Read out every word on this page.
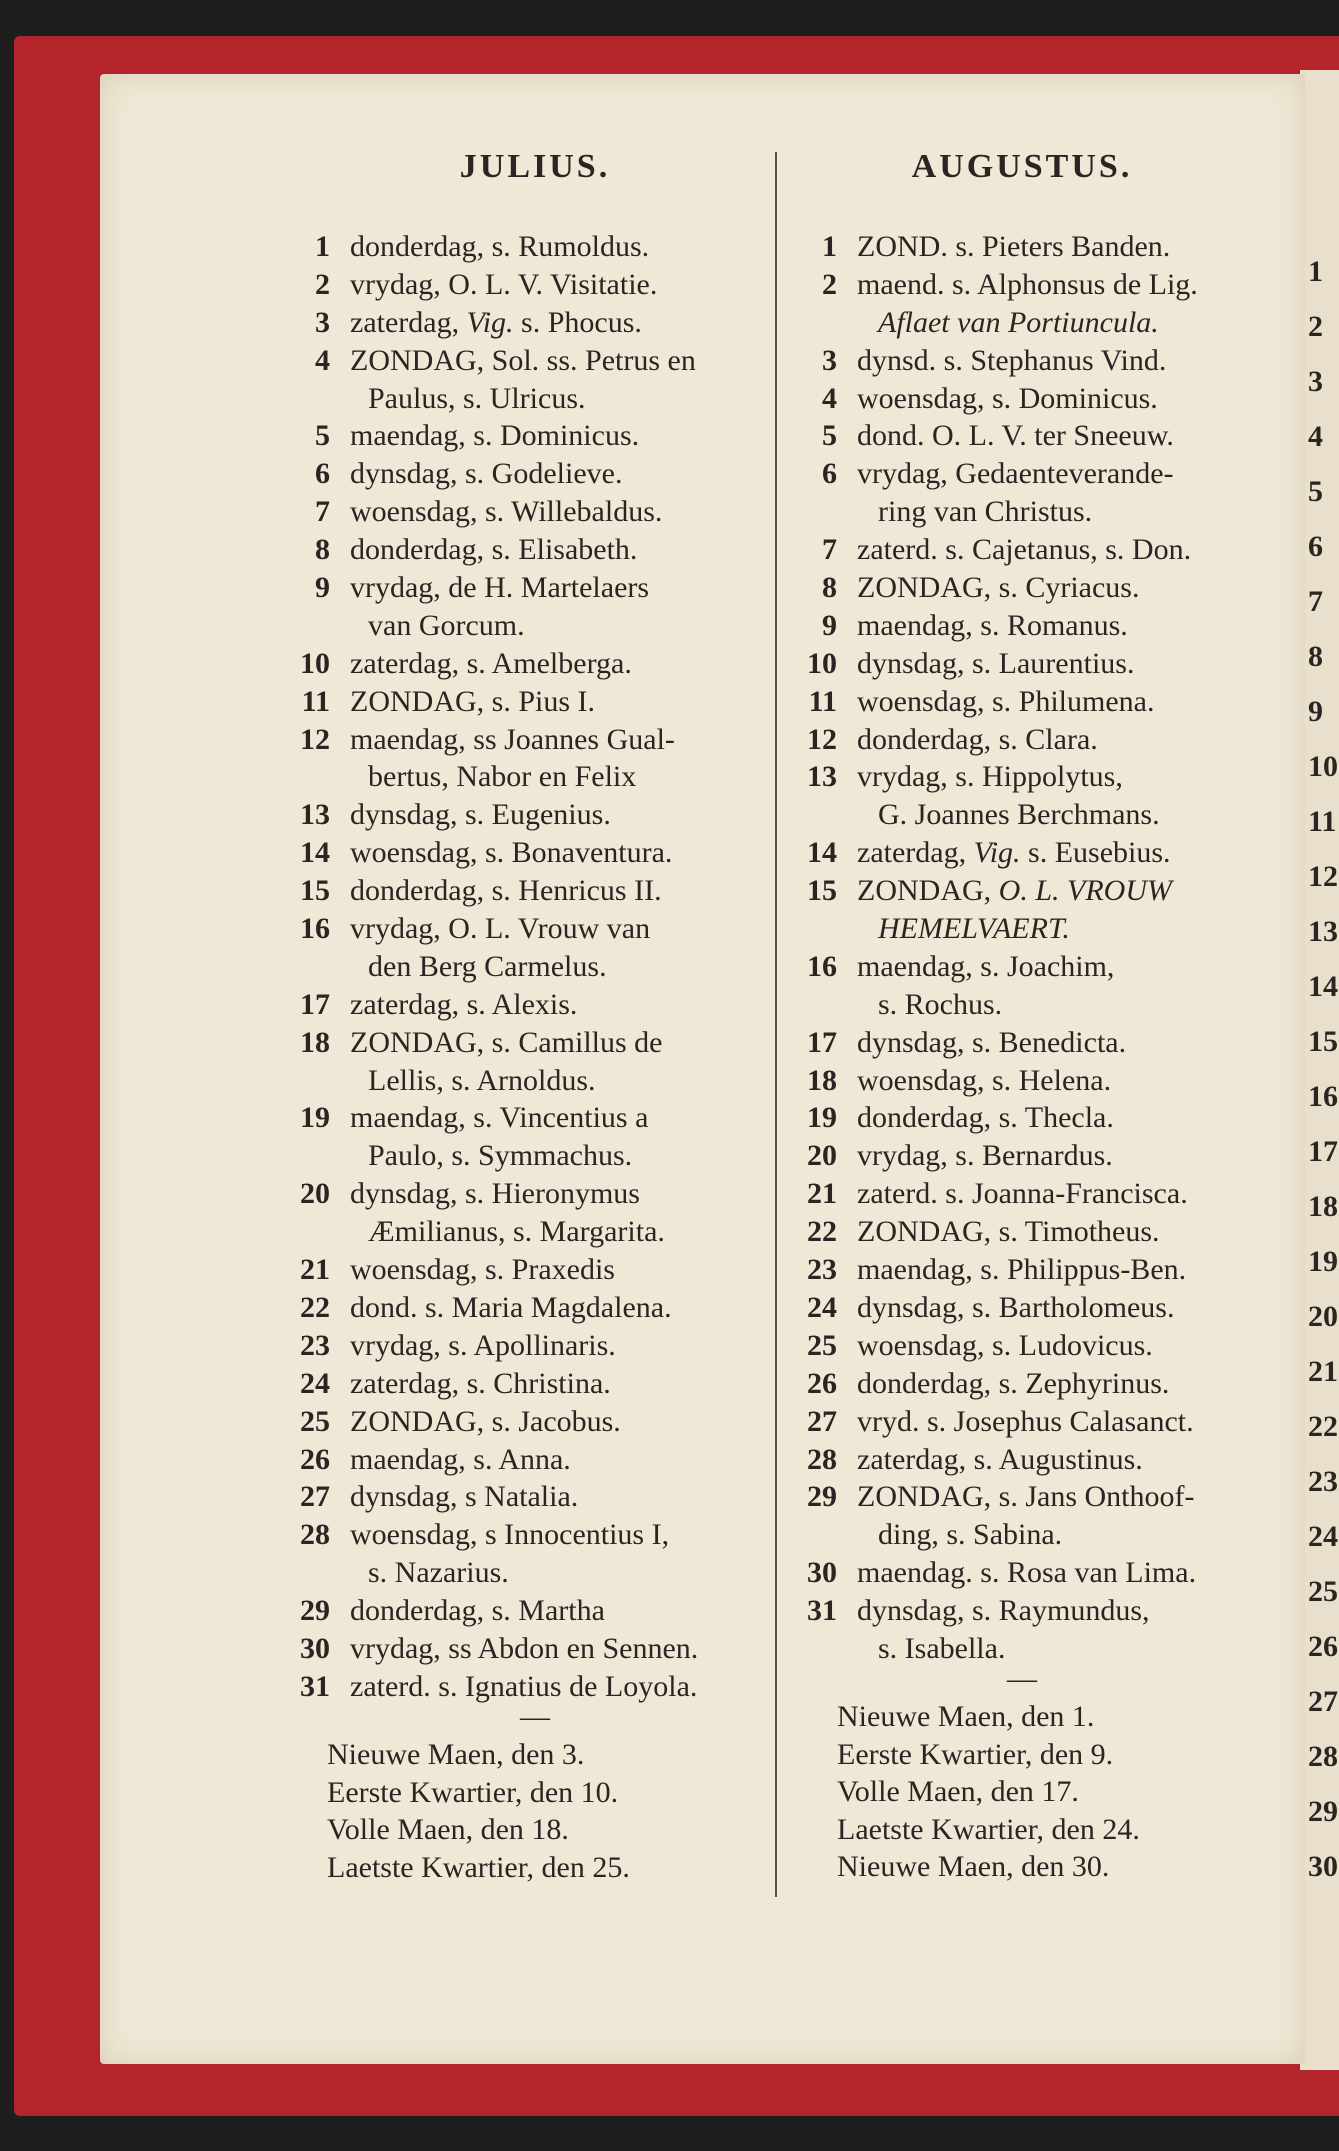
1
2
3
4
5
6
7
8
9
10
11
12
13
14
15
16
17
18
19
20
21
22
23
24
25
26
27
28
29
30
JULIUS.
1 donderdag, s. Rumoldus.
2 vrydag, O. L. V. Visitatie.
3 zaterdag, Vig. s. Phocus.
4 ZONDAG, Sol. ss. Petrus en
Paulus, s. Ulricus.
5 maendag, s. Dominicus.
6 dynsdag, s. Godelieve.
7 woensdag, s. Willebaldus.
8 donderdag, s. Elisabeth.
9 vrydag, de H. Martelaers
van Gorcum.
10 zaterdag, s. Amelberga.
11 ZONDAG, s. Pius I.
12 maendag, ss Joannes Gual-
bertus, Nabor en Felix
13 dynsdag, s. Eugenius.
14 woensdag, s. Bonaventura.
15 donderdag, s. Henricus II.
16 vrydag, O. L. Vrouw van
den Berg Carmelus.
17 zaterdag, s. Alexis.
18 ZONDAG, s. Camillus de
Lellis, s. Arnoldus.
19 maendag, s. Vincentius a
Paulo, s. Symmachus.
20 dynsdag, s. Hieronymus
Æmilianus, s. Margarita.
21 woensdag, s. Praxedis
22 dond. s. Maria Magdalena.
23 vrydag, s. Apollinaris.
24 zaterdag, s. Christina.
25 ZONDAG, s. Jacobus.
26 maendag, s. Anna.
27 dynsdag, s Natalia.
28 woensdag, s Innocentius I,
s. Nazarius.
29 donderdag, s. Martha
30 vrydag, ss Abdon en Sennen.
31 zaterd. s. Ignatius de Loyola.
—
Nieuwe Maen, den 3.
Eerste Kwartier, den 10.
Volle Maen, den 18.
Laetste Kwartier, den 25.
AUGUSTUS.
1 ZOND. s. Pieters Banden.
2 maend. s. Alphonsus de Lig.
Aflaet van Portiuncula.
3 dynsd. s. Stephanus Vind.
4 woensdag, s. Dominicus.
5 dond. O. L. V. ter Sneeuw.
6 vrydag, Gedaenteverande-
ring van Christus.
7 zaterd. s. Cajetanus, s. Don.
8 ZONDAG, s. Cyriacus.
9 maendag, s. Romanus.
10 dynsdag, s. Laurentius.
11 woensdag, s. Philumena.
12 donderdag, s. Clara.
13 vrydag, s. Hippolytus,
G. Joannes Berchmans.
14 zaterdag, Vig. s. Eusebius.
15 ZONDAG, O. L. VROUW
HEMELVAERT.
16 maendag, s. Joachim,
s. Rochus.
17 dynsdag, s. Benedicta.
18 woensdag, s. Helena.
19 donderdag, s. Thecla.
20 vrydag, s. Bernardus.
21 zaterd. s. Joanna-Francisca.
22 ZONDAG, s. Timotheus.
23 maendag, s. Philippus-Ben.
24 dynsdag, s. Bartholomeus.
25 woensdag, s. Ludovicus.
26 donderdag, s. Zephyrinus.
27 vryd. s. Josephus Calasanct.
28 zaterdag, s. Augustinus.
29 ZONDAG, s. Jans Onthoof-
ding, s. Sabina.
30 maendag. s. Rosa van Lima.
31 dynsdag, s. Raymundus,
s. Isabella.
—
Nieuwe Maen, den 1.
Eerste Kwartier, den 9.
Volle Maen, den 17.
Laetste Kwartier, den 24.
Nieuwe Maen, den 30.
